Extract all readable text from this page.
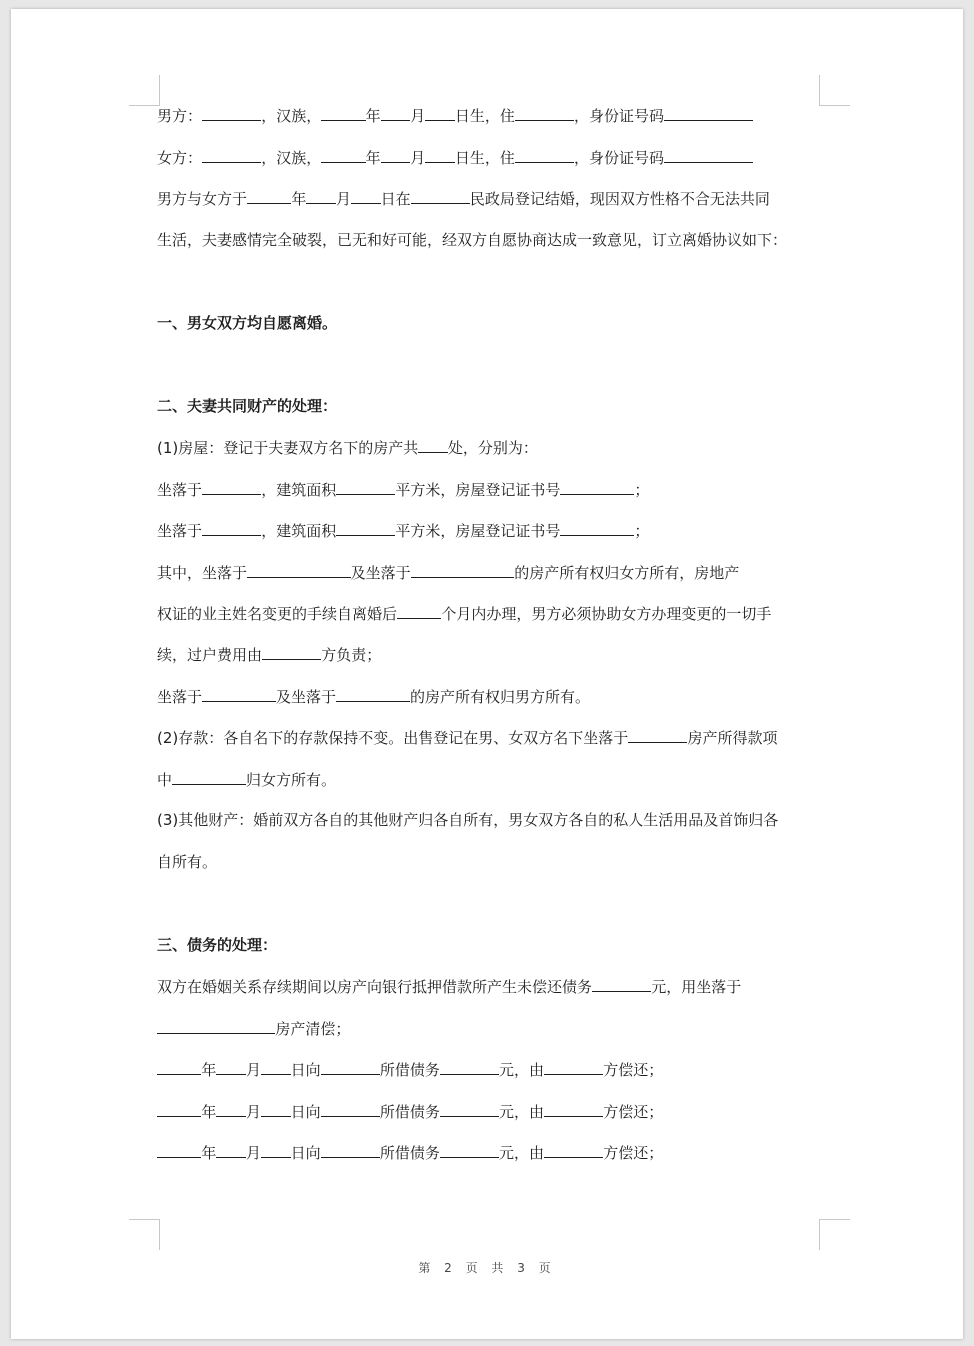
男方：	，汉族，	年 月 日生，住	，身份证号码
女方：	，汉族，	年 月 日生，住	，身份证号码
男方与女方于	年 月 日在	民政局登记结婚，现因双方性格不合无法共同
生活，夫妻感情完全破裂，已无和好可能，经双方自愿协商达成一致意见，订立离婚协议如下：
一、男女双方均自愿离婚。
二、夫妻共同财产的处理：
(1)房屋：登记于夫妻双方名下的房产共 处，分别为：
坐落于	，建筑面积	平方米，房屋登记证书号	；
坐落于	，建筑面积	平方米，房屋登记证书号	；
其中，坐落于	及坐落于	的房产所有权归女方所有，房地产
权证的业主姓名变更的手续自离婚后	个月内办理，男方必须协助女方办理变更的一切手
续，过户费用由	方负责；
坐落于	及坐落于	的房产所有权归男方所有。
(2)存款：各自名下的存款保持不变。出售登记在男、女双方名下坐落于	房产所得款项
中	归女方所有。
(3)其他财产：婚前双方各自的其他财产归各自所有，男女双方各自的私人生活用品及首饰归各
自所有。
三、债务的处理：
双方在婚姻关系存续期间以房产向银行抵押借款所产生未偿还债务	元，用坐落于
房产清偿；
年 月 日向	所借债务	元，由	方偿还；
年 月 日向	所借债务	元，由	方偿还；
年 月 日向	所借债务	元，由	方偿还；
第 2 页 共 3 页
